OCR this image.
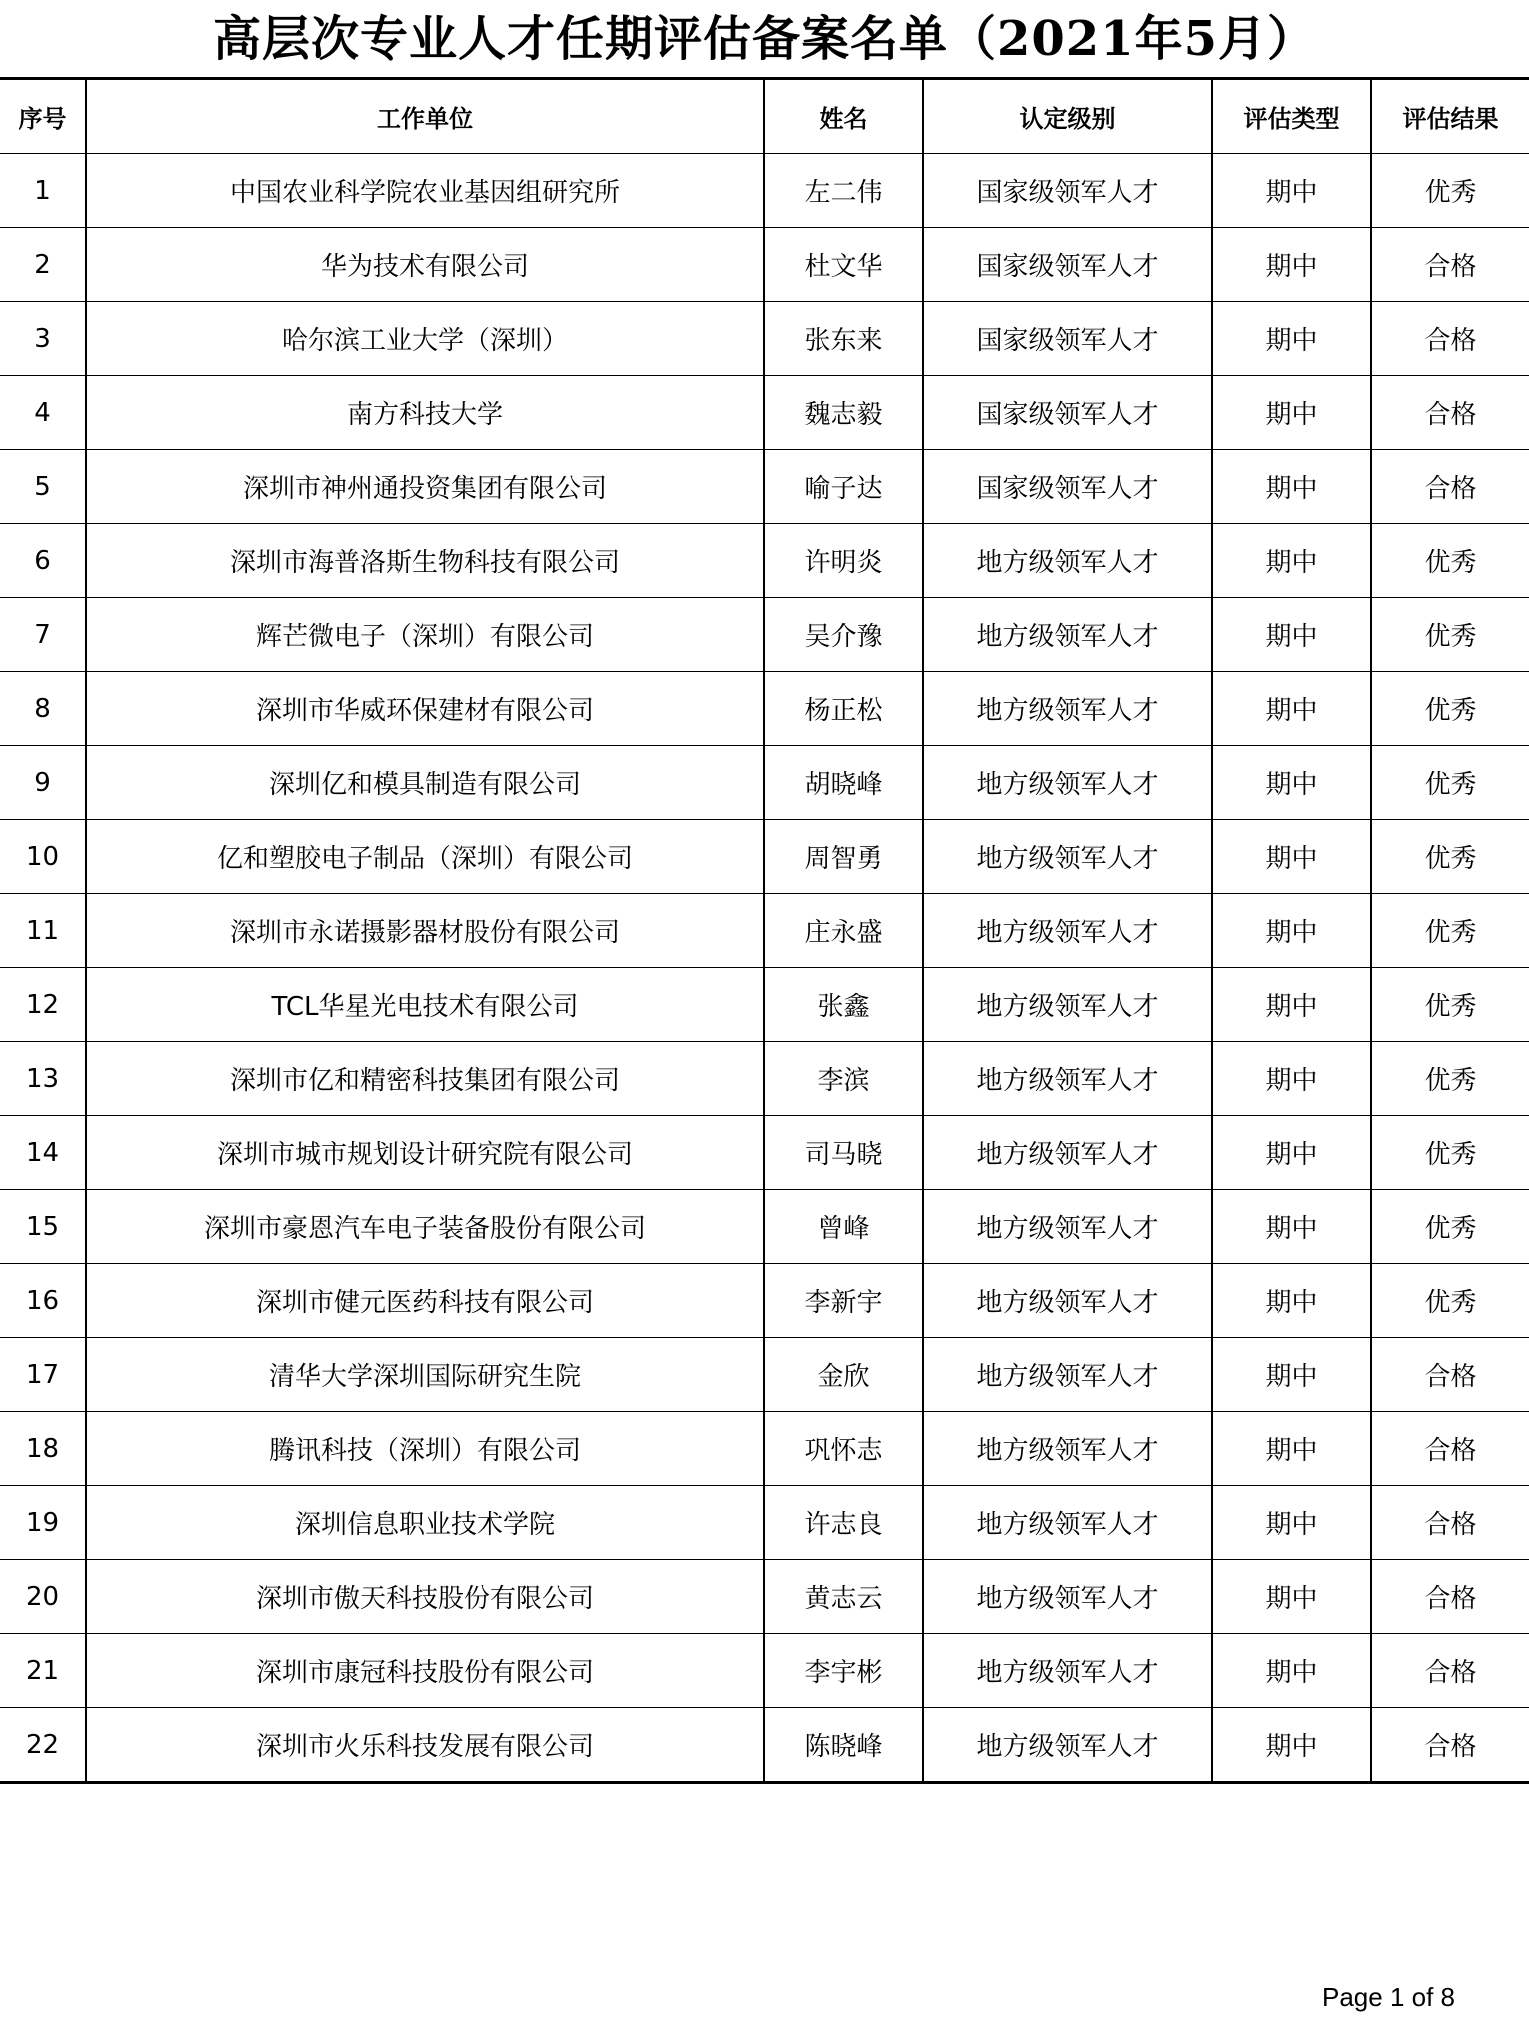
高层次专业人才任期评估备案名单（2021年5月）
序号	工作单位	姓名	认定级别	评估类型	评估结果
1	中国农业科学院农业基因组研究所	左二伟	国家级领军人才	期中	优秀
2	华为技术有限公司	杜文华	国家级领军人才	期中	合格
3	哈尔滨工业大学（深圳）	张东来	国家级领军人才	期中	合格
4	南方科技大学	魏志毅	国家级领军人才	期中	合格
5	深圳市神州通投资集团有限公司	喻子达	国家级领军人才	期中	合格
6	深圳市海普洛斯生物科技有限公司	许明炎	地方级领军人才	期中	优秀
7	辉芒微电子（深圳）有限公司	吴介豫	地方级领军人才	期中	优秀
8	深圳市华威环保建材有限公司	杨正松	地方级领军人才	期中	优秀
9	深圳亿和模具制造有限公司	胡晓峰	地方级领军人才	期中	优秀
10	亿和塑胶电子制品（深圳）有限公司	周智勇	地方级领军人才	期中	优秀
11	深圳市永诺摄影器材股份有限公司	庄永盛	地方级领军人才	期中	优秀
12	TCL华星光电技术有限公司	张鑫	地方级领军人才	期中	优秀
13	深圳市亿和精密科技集团有限公司	李滨	地方级领军人才	期中	优秀
14	深圳市城市规划设计研究院有限公司	司马晓	地方级领军人才	期中	优秀
15	深圳市豪恩汽车电子装备股份有限公司	曾峰	地方级领军人才	期中	优秀
16	深圳市健元医药科技有限公司	李新宇	地方级领军人才	期中	优秀
17	清华大学深圳国际研究生院	金欣	地方级领军人才	期中	合格
18	腾讯科技（深圳）有限公司	巩怀志	地方级领军人才	期中	合格
19	深圳信息职业技术学院	许志良	地方级领军人才	期中	合格
20	深圳市傲天科技股份有限公司	黄志云	地方级领军人才	期中	合格
21	深圳市康冠科技股份有限公司	李宇彬	地方级领军人才	期中	合格
22	深圳市火乐科技发展有限公司	陈晓峰	地方级领军人才	期中	合格
Page 1 of 8
